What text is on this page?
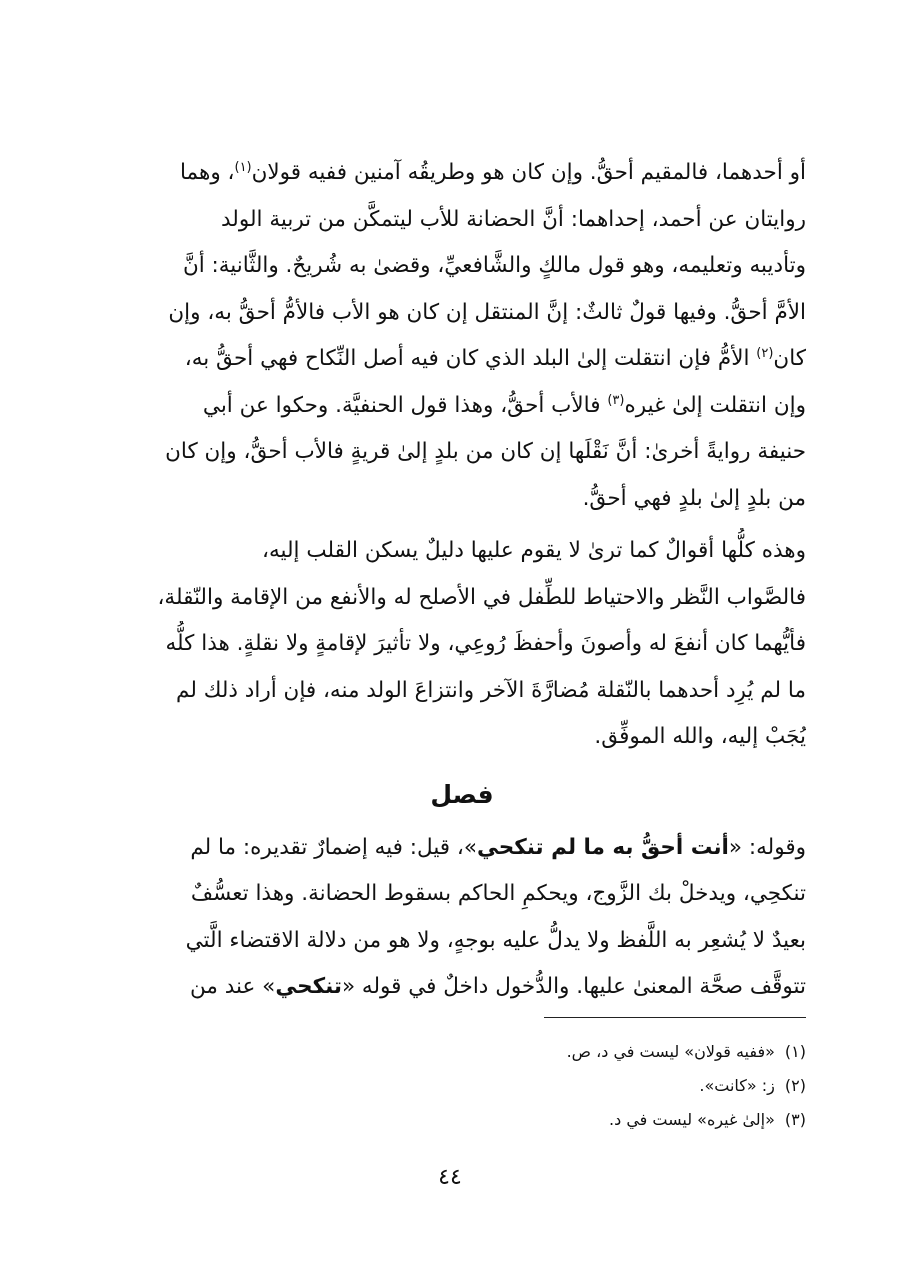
أو أحدهما، فالمقيم أحقُّ. وإن كان هو وطريقُه آمنين ففيه قولان$^{(١)}$، وهما
روايتان عن أحمد، إحداهما: أنَّ الحضانة للأب ليتمكَّن من تربية الولد
وتأديبه وتعليمه، وهو قول مالكٍ والشَّافعيِّ، وقضىٰ به شُريحٌ. والثَّانية: أنَّ
الأمَّ أحقُّ. وفيها قولٌ ثالثٌ: إنَّ المنتقل إن كان هو الأب فالأمُّ أحقُّ به، وإن
كان$^{(٢)}$ الأمُّ فإن انتقلت إلىٰ البلد الذي كان فيه أصل النِّكاح فهي أحقُّ به،
وإن انتقلت إلىٰ غيره$^{(٣)}$ فالأب أحقُّ، وهذا قول الحنفيَّة. وحكوا عن أبي
حنيفة روايةً أخرىٰ: أنَّ نَقْلَها إن كان من بلدٍ إلىٰ قريةٍ فالأب أحقُّ، وإن كان
من بلدٍ إلىٰ بلدٍ فهي أحقُّ.

وهذه كلُّها أقوالٌ كما ترىٰ لا يقوم عليها دليلٌ يسكن القلب إليه،
فالصَّواب النَّظر والاحتياط للطِّفل في الأصلح له والأنفع من الإقامة والنّقلة،
فأيُّهما كان أنفعَ له وأصونَ وأحفظَ رُوعِي، ولا تأثيرَ لإقامةٍ ولا نقلةٍ. هذا كلُّه
ما لم يُرِد أحدهما بالنّقلة مُضارَّةَ الآخر وانتزاعَ الولد منه، فإن أراد ذلك لم
يُجَبْ إليه، والله الموفِّق.

فصل

وقوله: «أنت أحقُّ به ما لم تنكحي»، قيل: فيه إضمارٌ تقديره: ما لم
تنكحِي، ويدخلْ بك الزَّوج، ويحكمِ الحاكم بسقوط الحضانة. وهذا تعسُّفٌ
بعيدٌ لا يُشعِر به اللَّفظ ولا يدلُّ عليه بوجهٍ، ولا هو من دلالة الاقتضاء الَّتي
تتوقَّف صحَّة المعنىٰ عليها. والدُّخول داخلٌ في قوله «تنكحي» عند من

(١)«ففيه قولان» ليست في د، ص.
(٢)ز: «كانت».
(٣)«إلىٰ غيره» ليست في د.
٤٤
